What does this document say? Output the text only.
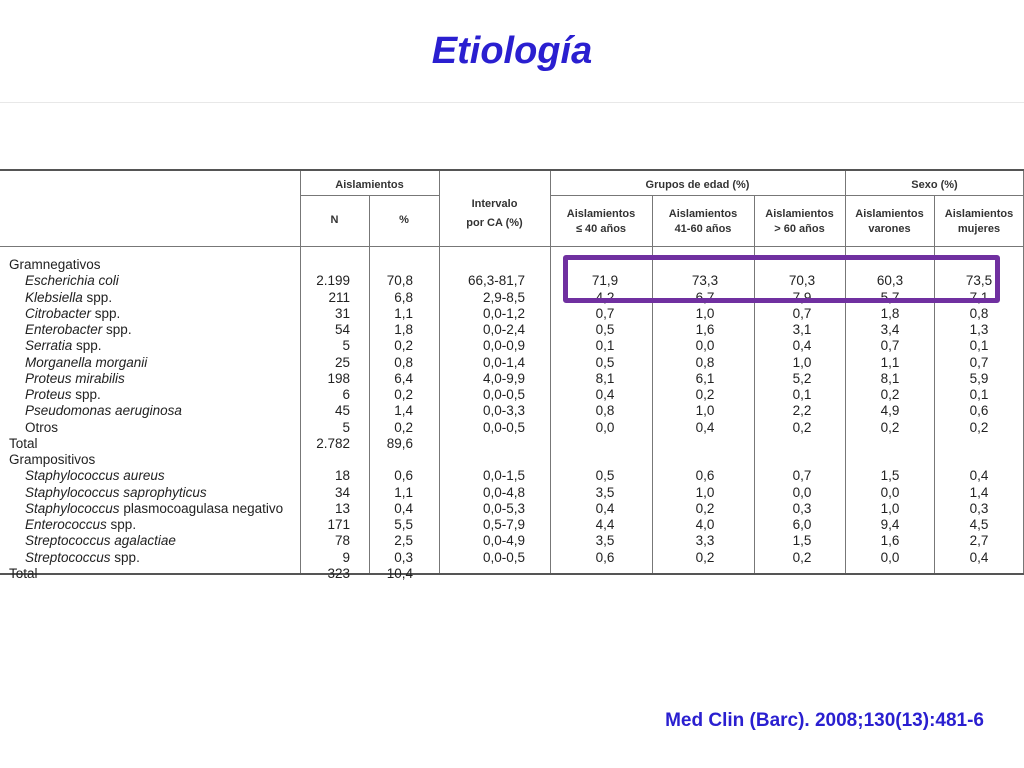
Etiología
Aislamientos
N	%
Intervalo
por CA (%)
Grupos de edad (%)	Sexo (%)
Aislamientos
≤ 40 años
Aislamientos
41-60 años
Aislamientos
> 60 años
Aislamientos
varones
Aislamientos
mujeres
Gramnegativos
Escherichia coli
Klebsiella spp.
Citrobacter spp.
Enterobacter spp.
Serratia spp.
Morganella morganii
Proteus mirabilis
Proteus spp.
Pseudomonas aeruginosa
Otros
Total
Grampositivos
Staphylococcus aureus
Staphylococcus saprophyticus
Staphylococcus plasmocoagulasa negativo
Enterococcus spp.
Streptococcus agalactiae
Streptococcus spp.
Total
2.199
211
31
54
5
25
198
6
45
5
2.782
18
34
13
171
78
9
323
70,8
6,8
1,1
1,8
0,2
0,8
6,4
0,2
1,4
0,2
89,6
0,6
1,1
0,4
5,5
2,5
0,3
10,4
66,3-81,7
2,9-8,5
0,0-1,2
0,0-2,4
0,0-0,9
0,0-1,4
4,0-9,9
0,0-0,5
0,0-3,3
0,0-0,5
0,0-1,5
0,0-4,8
0,0-5,3
0,5-7,9
0,0-4,9
0,0-0,5
71,9
4,2
0,7
0,5
0,1
0,5
8,1
0,4
0,8
0,0
0,5
3,5
0,4
4,4
3,5
0,6
73,3
6,7
1,0
1,6
0,0
0,8
6,1
0,2
1,0
0,4
0,6
1,0
0,2
4,0
3,3
0,2
70,3
7,9
0,7
3,1
0,4
1,0
5,2
0,1
2,2
0,2
0,7
0,0
0,3
6,0
1,5
0,2
60,3
5,7
1,8
3,4
0,7
1,1
8,1
0,2
4,9
0,2
1,5
0,0
1,0
9,4
1,6
0,0
73,5
7,1
0,8
1,3
0,1
0,7
5,9
0,1
0,6
0,2
0,4
1,4
0,3
4,5
2,7
0,4
Med Clin (Barc). 2008;130(13):481-6
